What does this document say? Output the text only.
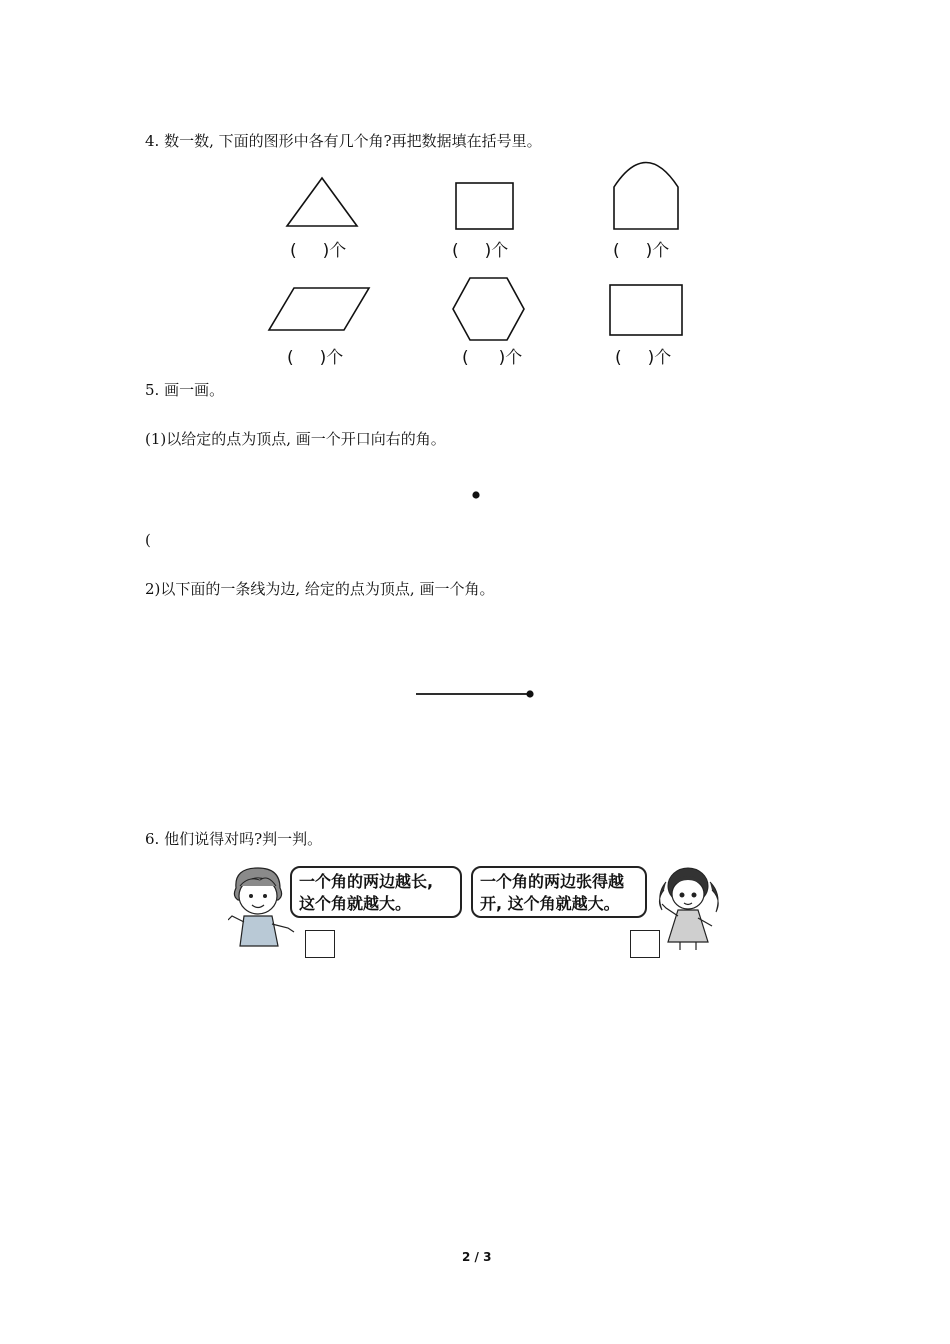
4. 数一数, 下面的图形中各有几个角?再把数据填在括号里。
( )个	( )个	( )个
( )个	( )个	( )个
5. 画一画。
(1)以给定的点为顶点, 画一个开口向右的角。
(
2)以下面的一条线为边, 给定的点为顶点, 画一个角。
6. 他们说得对吗?判一判。
一个角的两边越长,
这个角就越大。
一个角的两边张得越
开, 这个角就越大。
2 / 3
